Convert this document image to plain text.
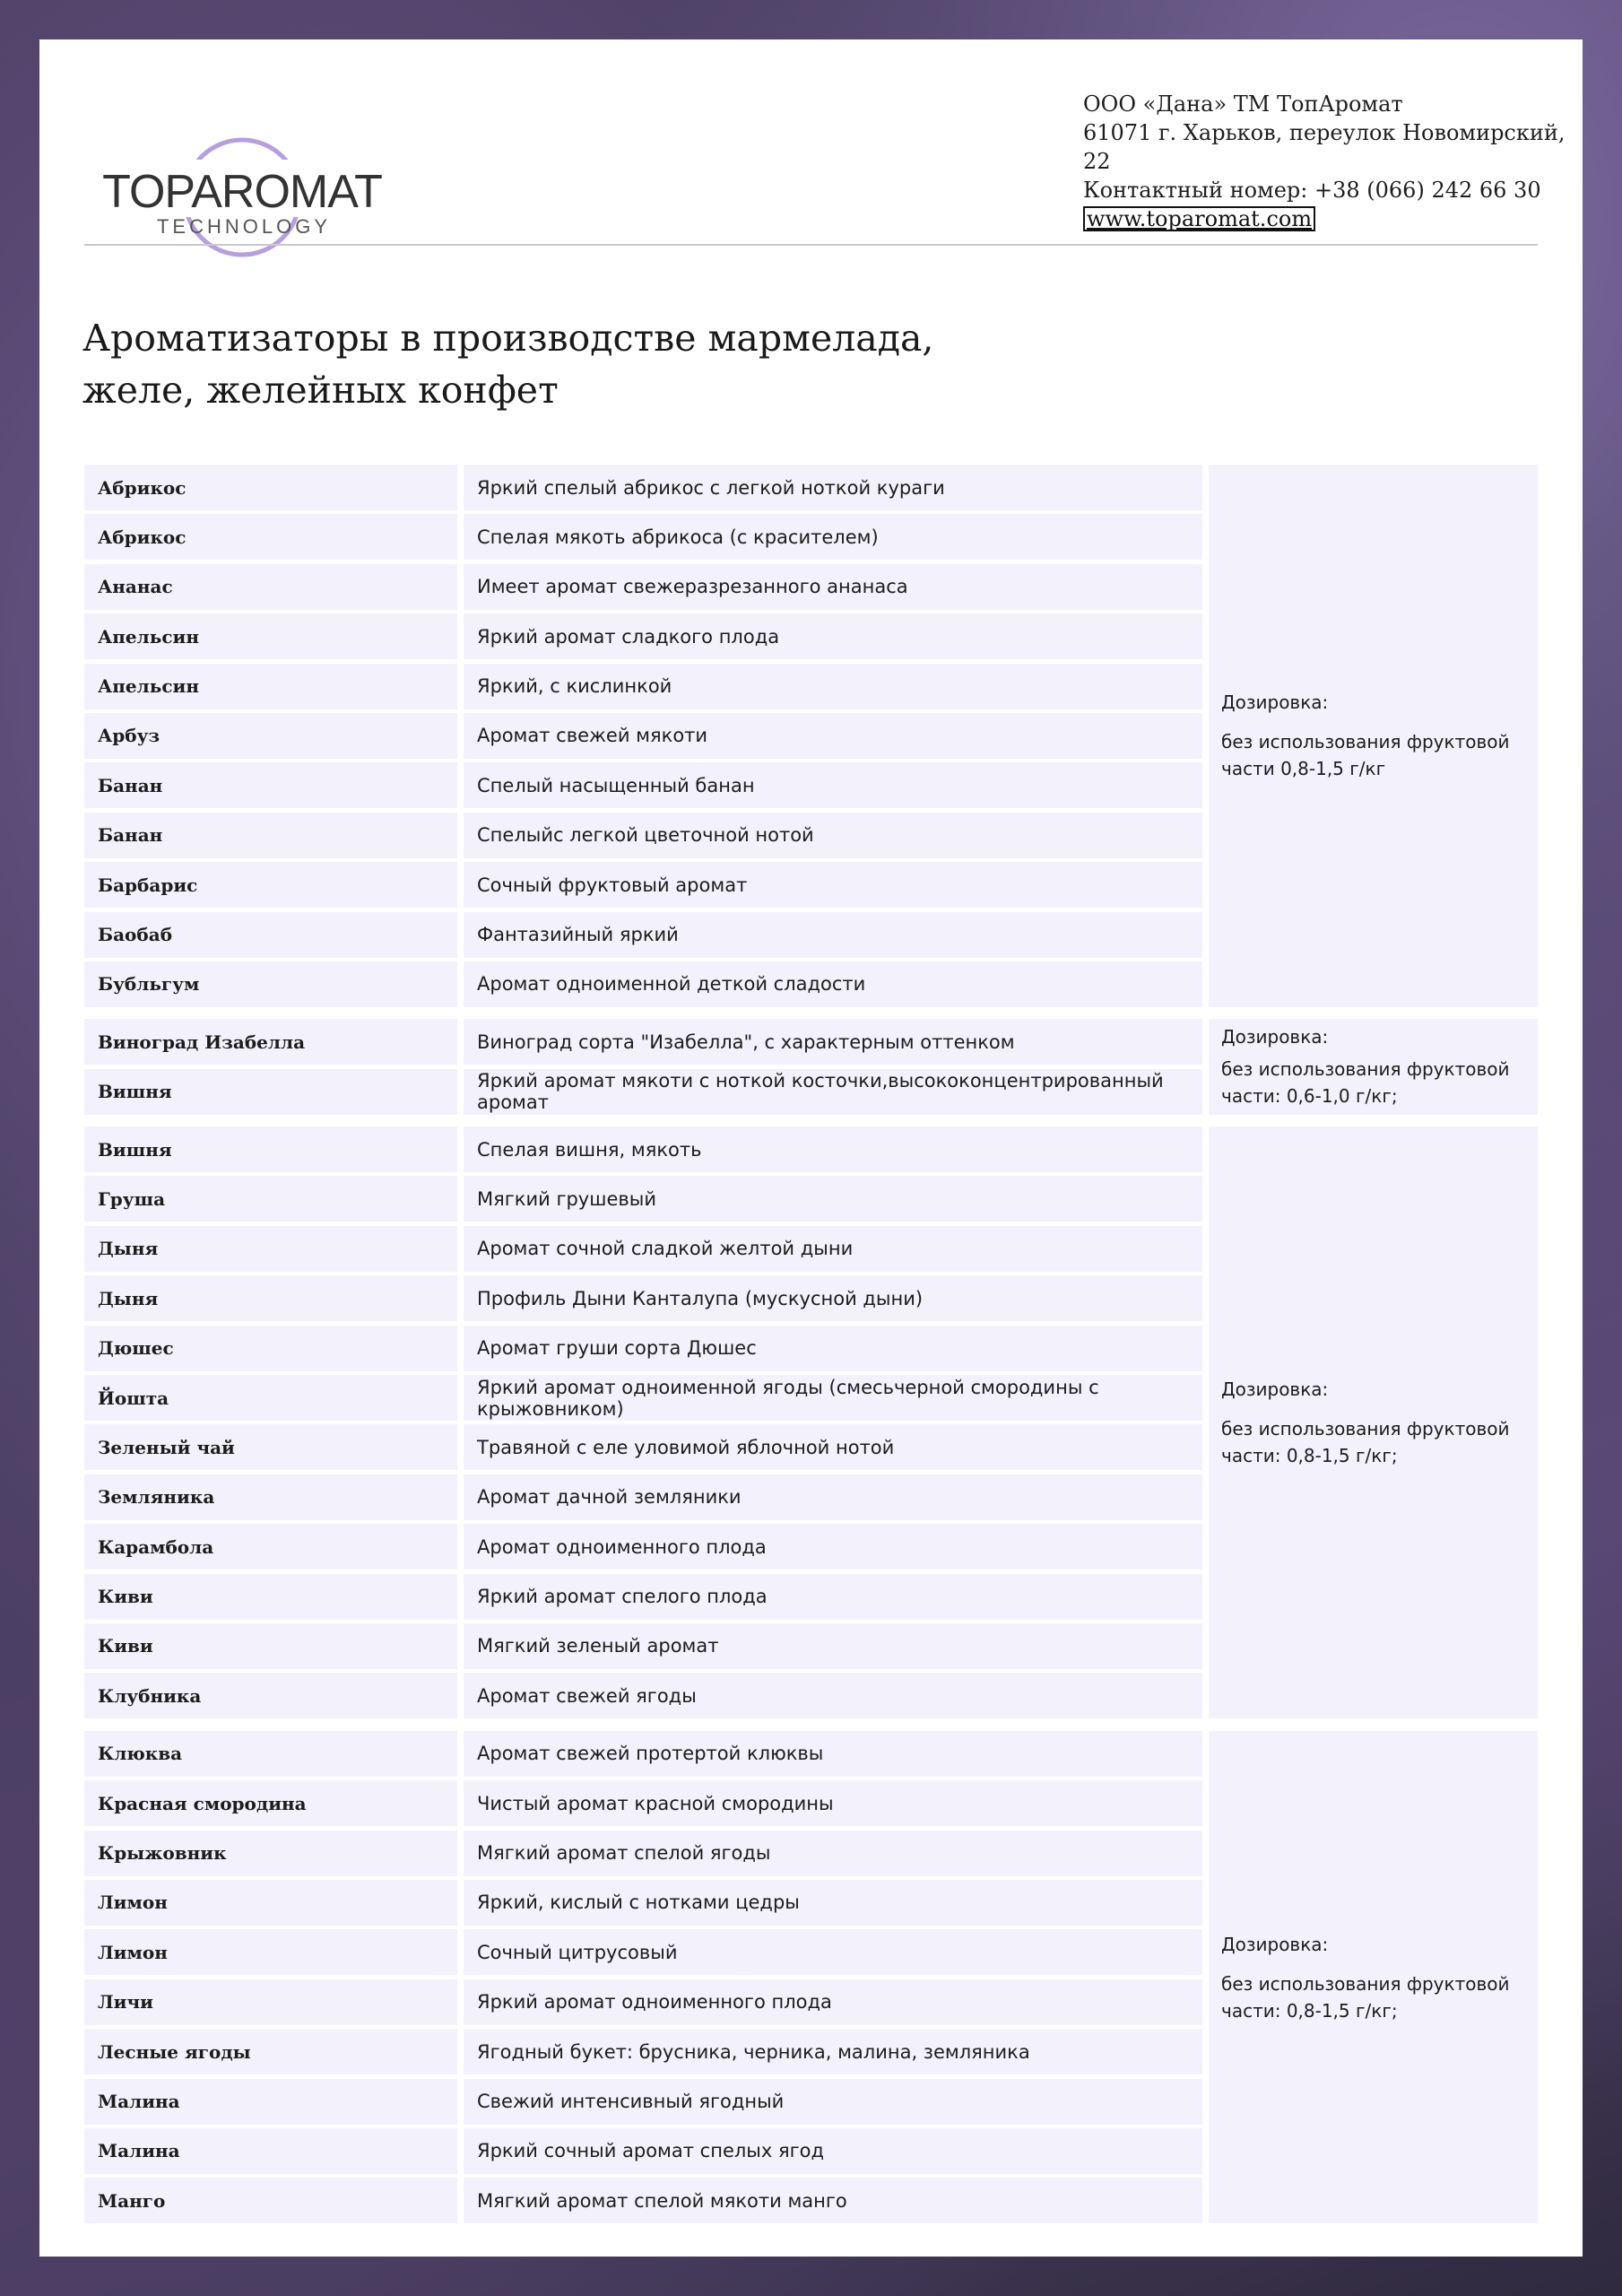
TOPAROMAT
TECHNOLOGY
ООО «Дана» ТМ ТопАромат
61071 г. Харьков, переулок Новомирский, 22
Контактный номер: +38 (066) 242 66 30
www.toparomat.com
Ароматизаторы в производстве мармелада,
желе, желейных конфет
Абрикос	Яркий спелый абрикос с легкой ноткой кураги
Абрикос	Спелая мякоть абрикоса (с красителем)
Ананас	Имеет аромат свежеразрезанного ананаса
Апельсин	Яркий аромат сладкого плода
Апельсин	Яркий, с кислинкой
Арбуз	Аромат свежей мякоти
Банан	Спелый насыщенный банан
Банан	Спелыйс легкой цветочной нотой
Барбарис	Сочный фруктовый аромат
Баобаб	Фантазийный яркий
Бубльгум	Аромат одноименной деткой сладости
Дозировка:
без использования фруктовой части 0,8-1,5 г/кг
Виноград Изабелла	Виноград сорта "Изабелла", с характерным оттенком
Вишня	Яркий аромат мякоти с ноткой косточки,высококонцентрированный аромат
Дозировка:
без использования фруктовой части: 0,6-1,0 г/кг;
Вишня	Спелая вишня, мякоть
Груша	Мягкий грушевый
Дыня	Аромат сочной сладкой желтой дыни
Дыня	Профиль Дыни Канталупа (мускусной дыни)
Дюшес	Аромат груши сорта Дюшес
Йошта	Яркий аромат одноименной ягоды (смесьчерной смородины с крыжовником)
Зеленый чай	Травяной с еле уловимой яблочной нотой
Земляника	Аромат дачной земляники
Карамбола	Аромат одноименного плода
Киви	Яркий аромат спелого плода
Киви	Мягкий зеленый аромат
Клубника	Аромат свежей ягоды
Дозировка:
без использования фруктовой части: 0,8-1,5 г/кг;
Клюква	Аромат свежей протертой клюквы
Красная смородина	Чистый аромат красной смородины
Крыжовник	Мягкий аромат спелой ягоды
Лимон	Яркий, кислый с нотками цедры
Лимон	Сочный цитрусовый
Личи	Яркий аромат одноименного плода
Лесные ягоды	Ягодный букет: брусника, черника, малина, земляника
Малина	Свежий интенсивный ягодный
Малина	Яркий сочный аромат спелых ягод
Манго	Мягкий аромат спелой мякоти манго
Дозировка:
без использования фруктовой части: 0,8-1,5 г/кг;
